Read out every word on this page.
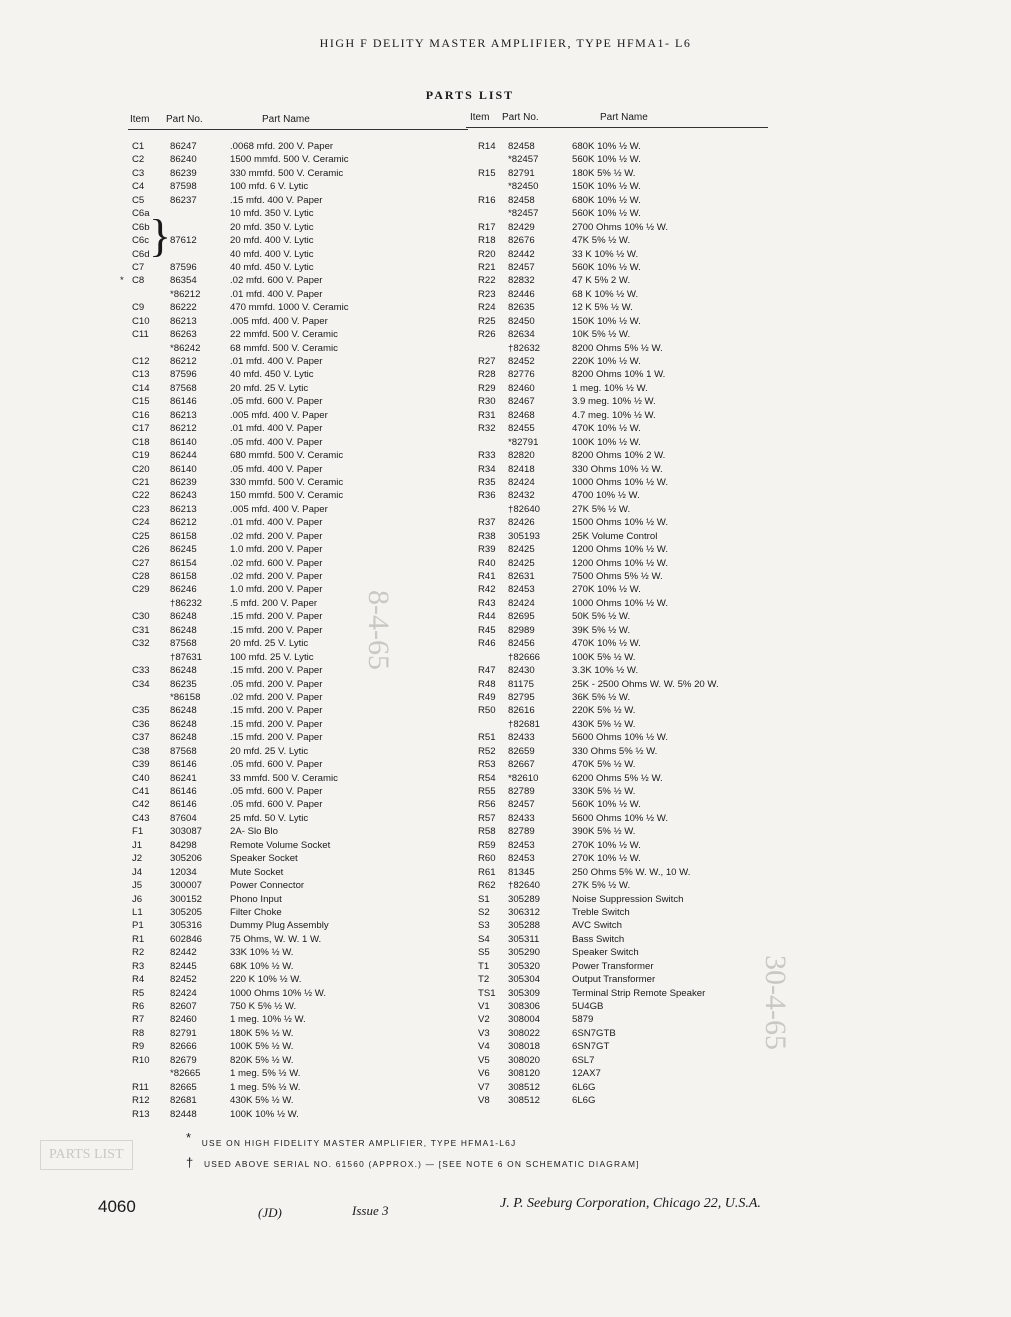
8-4-65
30-4-65
PARTS LIST
HIGH F DELITY MASTER AMPLIFIER, TYPE HFMA1- L6
PARTS LIST
Item Part No.	Part Name	Item Part No.	Part Name
}
C1	86247	.0068 mfd. 200 V. Paper
C2	86240	1500 mmfd. 500 V. Ceramic
C3	86239	330 mmfd. 500 V. Ceramic
C4	87598	100 mfd. 6 V. Lytic
C5	86237	.15 mfd. 400 V. Paper
C6a	10 mfd. 350 V. Lytic
C6b	20 mfd. 350 V. Lytic
C6c 87612	20 mfd. 400 V. Lytic
C6d	40 mfd. 400 V. Lytic
C7	87596	40 mfd. 450 V. Lytic
* C8	86354	.02 mfd. 600 V. Paper
*86212	.01 mfd. 400 V. Paper
C9	86222	470 mmfd. 1000 V. Ceramic
C10 86213	.005 mfd. 400 V. Paper
C11 86263	22 mmfd. 500 V. Ceramic
*86242	68 mmfd. 500 V. Ceramic
C12 86212	.01 mfd. 400 V. Paper
C13 87596	40 mfd. 450 V. Lytic
C14 87568	20 mfd. 25 V. Lytic
C15 86146	.05 mfd. 600 V. Paper
C16 86213	.005 mfd. 400 V. Paper
C17 86212	.01 mfd. 400 V. Paper
C18 86140	.05 mfd. 400 V. Paper
C19 86244	680 mmfd. 500 V. Ceramic
C20 86140	.05 mfd. 400 V. Paper
C21 86239	330 mmfd. 500 V. Ceramic
C22 86243	150 mmfd. 500 V. Ceramic
C23 86213	.005 mfd. 400 V. Paper
C24 86212	.01 mfd. 400 V. Paper
C25 86158	.02 mfd. 200 V. Paper
C26 86245	1.0 mfd. 200 V. Paper
C27 86154	.02 mfd. 600 V. Paper
C28 86158	.02 mfd. 200 V. Paper
C29 86246	1.0 mfd. 200 V. Paper
†86232	.5 mfd. 200 V. Paper
C30 86248	.15 mfd. 200 V. Paper
C31 86248	.15 mfd. 200 V. Paper
C32 87568	20 mfd. 25 V. Lytic
†87631	100 mfd. 25 V. Lytic
C33 86248	.15 mfd. 200 V. Paper
C34 86235	.05 mfd. 200 V. Paper
*86158	.02 mfd. 200 V. Paper
C35 86248	.15 mfd. 200 V. Paper
C36 86248	.15 mfd. 200 V. Paper
C37 86248	.15 mfd. 200 V. Paper
C38 87568	20 mfd. 25 V. Lytic
C39 86146	.05 mfd. 600 V. Paper
C40 86241	33 mmfd. 500 V. Ceramic
C41 86146	.05 mfd. 600 V. Paper
C42 86146	.05 mfd. 600 V. Paper
C43 87604	25 mfd. 50 V. Lytic
F1	303087	2A- Slo Blo
J1	84298	Remote Volume Socket
J2	305206	Speaker Socket
J4	12034	Mute Socket
J5	300007	Power Connector
J6	300152	Phono Input
L1	305205	Filter Choke
P1	305316	Dummy Plug Assembly
R1	602846	75 Ohms, W. W. 1 W.
R2	82442	33K 10% ½ W.
R3	82445	68K 10% ½ W.
R4	82452	220 K 10% ½ W.
R5	82424	1000 Ohms 10% ½ W.
R6	82607	750 K 5% ½ W.
R7	82460	1 meg. 10% ½ W.
R8	82791	180K 5% ½ W.
R9	82666	100K 5% ½ W.
R10 82679	820K 5% ½ W.
*82665	1 meg. 5% ½ W.
R11 82665	1 meg. 5% ½ W.
R12 82681	430K 5% ½ W.
R13 82448	100K 10% ½ W.
R14 82458	680K 10% ½ W.
*82457	560K 10% ½ W.
R15 82791	180K 5% ½ W.
*82450	150K 10% ½ W.
R16 82458	680K 10% ½ W.
*82457	560K 10% ½ W.
R17 82429	2700 Ohms 10% ½ W.
R18 82676	47K 5% ½ W.
R20 82442	33 K 10% ½ W.
R21 82457	560K 10% ½ W.
R22 82832	47 K 5% 2 W.
R23 82446	68 K 10% ½ W.
R24 82635	12 K 5% ½ W.
R25 82450	150K 10% ½ W.
R26 82634	10K 5% ½ W.
†82632	8200 Ohms 5% ½ W.
R27 82452	220K 10% ½ W.
R28 82776	8200 Ohms 10% 1 W.
R29 82460	1 meg. 10% ½ W.
R30 82467	3.9 meg. 10% ½ W.
R31 82468	4.7 meg. 10% ½ W.
R32 82455	470K 10% ½ W.
*82791	100K 10% ½ W.
R33 82820	8200 Ohms 10% 2 W.
R34 82418	330 Ohms 10% ½ W.
R35 82424	1000 Ohms 10% ½ W.
R36 82432	4700 10% ½ W.
†82640	27K 5% ½ W.
R37 82426	1500 Ohms 10% ½ W.
R38 305193	25K Volume Control
R39 82425	1200 Ohms 10% ½ W.
R40 82425	1200 Ohms 10% ½ W.
R41 82631	7500 Ohms 5% ½ W.
R42 82453	270K 10% ½ W.
R43 82424	1000 Ohms 10% ½ W.
R44 82695	50K 5% ½ W.
R45 82989	39K 5% ½ W.
R46 82456	470K 10% ½ W.
†82666	100K 5% ½ W.
R47 82430	3.3K 10% ½ W.
R48 81175	25K - 2500 Ohms W. W. 5% 20 W.
R49 82795	36K 5% ½ W.
R50 82616	220K 5% ½ W.
†82681	430K 5% ½ W.
R51 82433	5600 Ohms 10% ½ W.
R52 82659	330 Ohms 5% ½ W.
R53 82667	470K 5% ½ W.
R54 *82610	6200 Ohms 5% ½ W.
R55 82789	330K 5% ½ W.
R56 82457	560K 10% ½ W.
R57 82433	5600 Ohms 10% ½ W.
R58 82789	390K 5% ½ W.
R59 82453	270K 10% ½ W.
R60 82453	270K 10% ½ W.
R61 81345	250 Ohms 5% W. W., 10 W.
R62 †82640	27K 5% ½ W.
S1 305289	Noise Suppression Switch
S2 306312	Treble Switch
S3 305288	AVC Switch
S4 305311	Bass Switch
S5 305290	Speaker Switch
T1 305320	Power Transformer
T2 305304	Output Transformer
TS1 305309	Terminal Strip Remote Speaker
V1 308306	5U4GB
V2 308004	5879
V3 308022	6SN7GTB
V4 308018	6SN7GT
V5 308020	6SL7
V6 308120	12AX7
V7 308512	6L6G
V8 308512	6L6G
* USE ON HIGH FIDELITY MASTER AMPLIFIER, TYPE HFMA1-L6J
† USED ABOVE SERIAL NO. 61560 (APPROX.) — [SEE NOTE 6 ON SCHEMATIC DIAGRAM]
4060	(JD)	Issue 3	J. P. Seeburg Corporation, Chicago 22, U.S.A.
